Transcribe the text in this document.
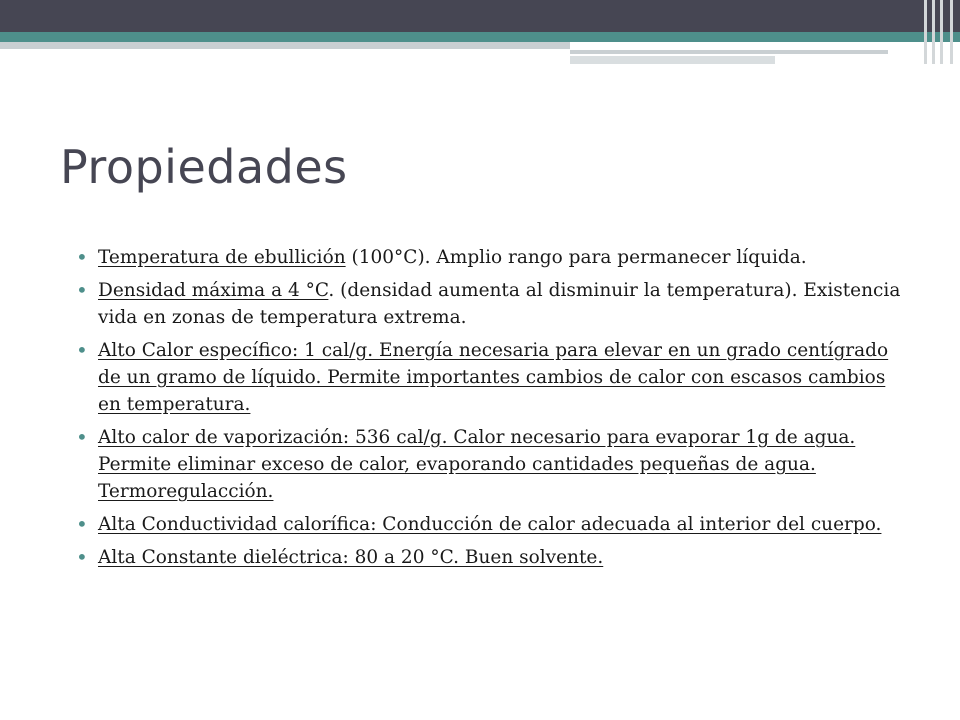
Propiedades
• Temperatura de ebullición (100°C). Amplio rango para permanecer líquida.
• Densidad máxima a 4 °C. (densidad aumenta al disminuir la temperatura). Existencia vida en zonas de temperatura extrema.
• Alto Calor específico: 1 cal/g. Energía necesaria para elevar en un grado centígrado de un gramo de líquido. Permite importantes cambios de calor con escasos cambios en temperatura.
• Alto calor de vaporización: 536 cal/g. Calor necesario para evaporar 1g de agua. Permite eliminar exceso de calor, evaporando cantidades pequeñas de agua. Termoregulacción.
• Alta Conductividad calorífica: Conducción de calor adecuada al interior del cuerpo.
• Alta Constante dieléctrica: 80 a 20 °C. Buen solvente.
